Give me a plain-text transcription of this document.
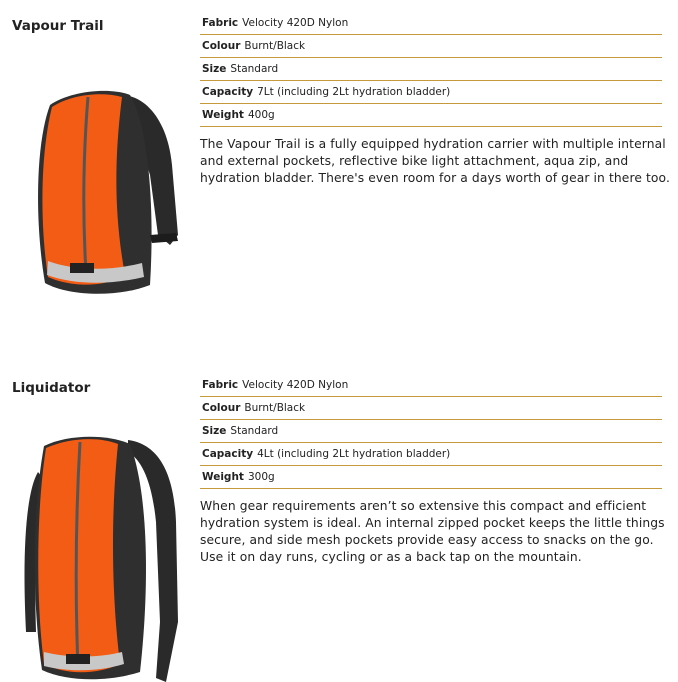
Vapour Trail	Fabric Velocity 420D Nylon
Colour Burnt/Black
Size Standard
Capacity 7Lt (including 2Lt hydration bladder)
Weight 400g
The Vapour Trail is a fully equipped hydration carrier with multiple internal and external pockets, reflective bike light attachment, aqua zip, and hydration bladder. There's even room for a days worth of gear in there too.
Liquidator	Fabric Velocity 420D Nylon
Colour Burnt/Black
Size Standard
Capacity 4Lt (including 2Lt hydration bladder)
Weight 300g
When gear requirements aren’t so extensive this compact and efficient hydration system is ideal. An internal zipped pocket keeps the little things secure, and side mesh pockets provide easy access to snacks on the go. Use it on day runs, cycling or as a back tap on the mountain.
